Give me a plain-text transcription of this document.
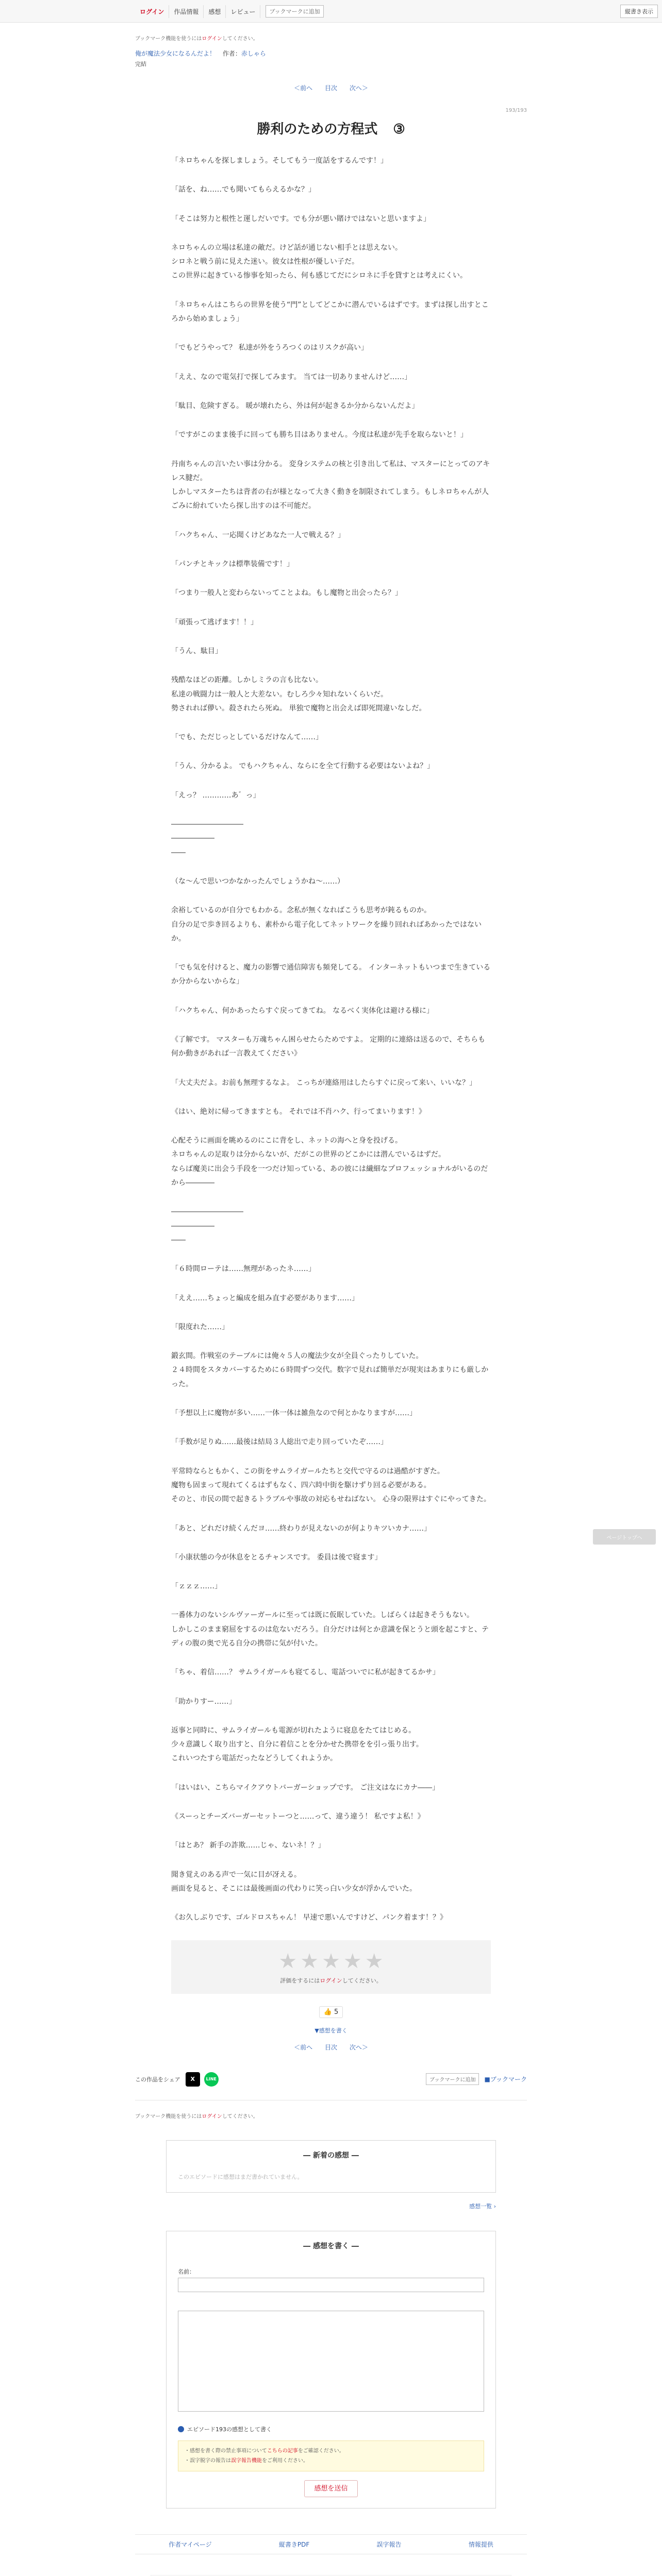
ログイン	作品情報	感想	レビュー	ブックマークに追加	縦書き表示
ブックマーク機能を使うにはログインしてください。
俺が魔法少女になるんだよ！ 作者：赤しゃら
完結
＜前へ 目次 次へ＞
193/193
勝利のための方程式 ③

「ネロちゃんを探しましょう。そしてもう一度話をするんです！」

「話を、ね……でも聞いてもらえるかな？」

「そこは努力と根性と運しだいです。でも分が悪い賭けではないと思いますよ」

ネロちゃんの立場は私達の敵だ。けど話が通じない相手とは思えない。
シロネと戦う前に見えた迷い。彼女は性根が優しい子だ。
この世界に起きている惨事を知ったら、何も感じてだにシロネに手を貸すとは考えにくい。

「ネロちゃんはこちらの世界を使う“門”としてどこかに潜んでいるはずです。まずは探し出すところから始めましょう」

「でもどうやって？ 私達が外をうろつくのはリスクが高い」

「ええ、なので電気打で探してみます。 当ては一切ありませんけど……」

「駄目、危険すぎる。 暖が壊れたら、外は何が起きるか分からないんだよ」

「ですがこのまま後手に回っても勝ち目はありません。今度は私達が先手を取らないと！」

丹南ちゃんの言いたい事は分かる。 変身システムの核と引き出して私は、マスターにとってのアキレス腱だ。
しかしマスターたちは背者の右が様となって大きく動きを制限されてしまう。もしネロちゃんが人ごみに紛れていたら探し出すのは不可能だ。

「ハクちゃん、一応聞くけどあなた一人で戦える？」

「パンチとキックは標準装備です！」

「つまり一般人と変わらないってことよね。もし魔物と出会ったら？」

「頑張って逃げます！！」

「うん、駄目」

残酷なほどの距離。しかしミラの言も比ない。
私達の戦闘力は一般人と大差ない。むしろ少々知れないくらいだ。
勢されれば儚い。殺されたら死ぬ。 単独で魔物と出会えば即死間違いなしだ。

「でも、ただじっとしているだけなんて……」

「うん、分かるよ。 でもハクちゃん、ならにを全て行動する必要はないよね？」

「えっ？ …………あ゛っ」

――――――――――
――――――
――

（な～んで思いつかなかったんでしょうかね～……）

余裕しているのが自分でもわかる。念私が無くなればこうも思考が鈍るものか。
自分の足で歩き回るよりも、素朴から電子化してネットワークを繰り回れればあかったではないか。

「でも気を付けると、魔力の影響で通信障害も頻発してる。 インターネットもいつまで生きているか分からないからな」

「ハクちゃん、何かあったらすぐ戻ってきてね。 なるべく実体化は避ける様に」

《了解です。 マスターも万魂ちゃん困らせたらためですよ。 定期的に連絡は送るので、そちらも何か動きがあれば一言教えてください》

「大丈夫だよ。お前も無理するなよ。 こっちが連絡用はしたらすぐに戻って来い、いいな？」

《はい、絶対に帰ってきますとも。 それでは不肖ハク、行ってまいります！》

心配そうに画面を眺めるのにこに背をし、ネットの海へと身を投げる。
ネロちゃんの足取りは分からないが、だがこの世界のどこかには潜んでいるはずだ。
ならば魔美に出会う手段を一つだけ知っている、あの彼には繊細なプロフェッショナルがいるのだから――――

――――――――――
――――――
――

「６時間ローテは……無理があったネ……」

「ええ……ちょっと編成を組み直す必要があります……」

「限度れた……」

鍛玄間。作戦室のテーブルには俺々５人の魔法少女が全員ぐったりしていた。
２４時間をスタカバーするために６時間ずつ交代。数字で見れば簡単だが現実はあまりにも厳しかった。

「予想以上に魔物が多い……一体一体は雑魚なので何とかなりますが……」

「手数が足りぬ……最後は結局３人総出で走り回っていたぞ……」

平常時ならともかく、この街をサムライガールたちと交代で守るのは過酷がすぎた。
魔物も固まって現れてくるはずもなく、四六時中街を駆けずり回る必要がある。
そのと、市民の間で起きるトラブルや事故の対応もせねばない。 心身の限界はすぐにやってきた。

「あと、どれだけ続くんだヨ……終わりが見えないのが何よりキツいカナ……」

「小康状態の今が休息をとるチャンスです。 委員は後で寝ます」

「ｚｚｚ……」

一番体力のないシルヴァーガールに至っては既に仮眠していた。しばらくは起きそうもない。
しかしこのまま窮屈をするのは危ないだろう。自分だけは何とか意識を保とうと頭を起こすと、テディの腹の奥で光る自分の携帯に気が付いた。

「ちゃ、着信……？ サムライガールも寝てるし、電話ついでに私が起きてるかサ」

「助かりすー……」

返事と同時に、サムライガールも電源が切れたように寝息をたてはじめる。
少々意識しく取り出すと、自分に着信ことを分かせた携帯をを引っ張り出す。
これいつたすら電話だったなどうしてくれようか。

「はいはい、こちらマイクアウトバーガーショップです。 ご注文はなにカナ――」

《スーっとチーズバーガーセットーつと……って、違う違う！ 私ですよ私！》

「はとあ？ 新手の詐欺……じゃ、ないネ！？」

聞き覚えのある声で一気に目が冴える。
画面を見ると、そこには最後画面の代わりに笑っ白い少女が浮かんでいた。

《お久しぶりです、ゴルドロスちゃん！ 早速で悪いんですけど、パンク着ます！？》

★ ★ ★ ★ ★
評価をするにはログインしてください。
👍 5
▼感想を書く
＜前へ 目次 次へ＞
この作品をシェア	X	LINE	ブックマークに追加	■ブックマーク
ブックマーク機能を使うにはログインしてください。
― 新着の感想 ―
このエピソードに感想はまだ書かれていません。
感想一覧 ›
― 感想を書く ―
名前：
エピソード193の感想として書く
・感想を書く際の禁止事項についてこちらの記事をご確認ください。
・誤字脱字の報告は誤字報告機能をご利用ください。
感想を送信
作者マイページ	縦書きPDF	誤字報告	情報提供
ページトップへ
